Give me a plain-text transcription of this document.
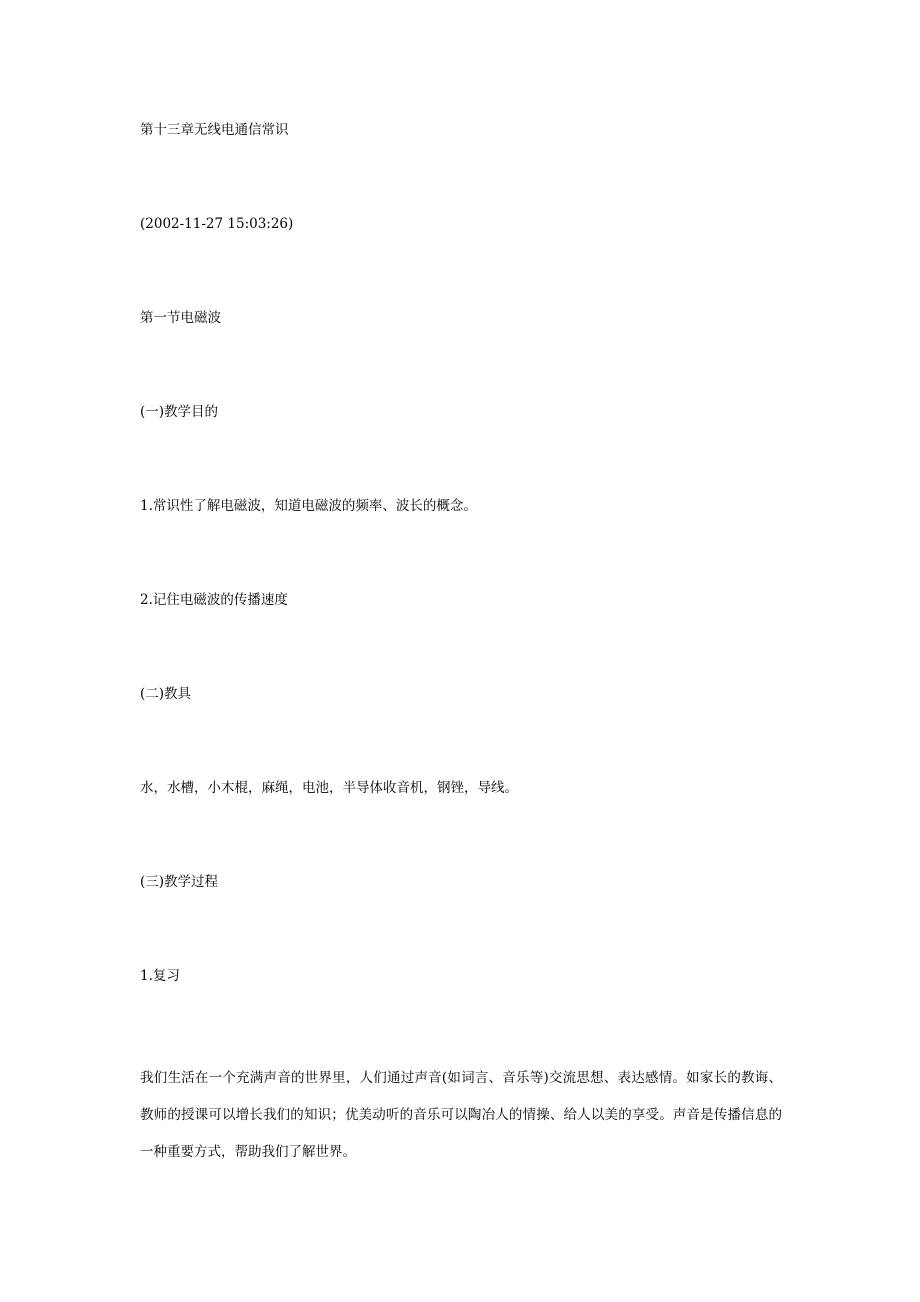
第十三章无线电通信常识

(2002-11-27 15:03:26)

第一节电磁波

(一)教学目的

1.常识性了解电磁波，知道电磁波的频率、波长的概念。

2.记住电磁波的传播速度

(二)教具

水，水槽，小木棍，麻绳，电池，半导体收音机，钢锉，导线。

(三)教学过程

1.复习

我们生活在一个充满声音的世界里，人们通过声音(如词言、音乐等)交流思想、表达感情。如家长的教诲、教师的授课可以增长我们的知识；优美动听的音乐可以陶冶人的情操、给人以美的享受。声音是传播信息的一种重要方式，帮助我们了解世界。
